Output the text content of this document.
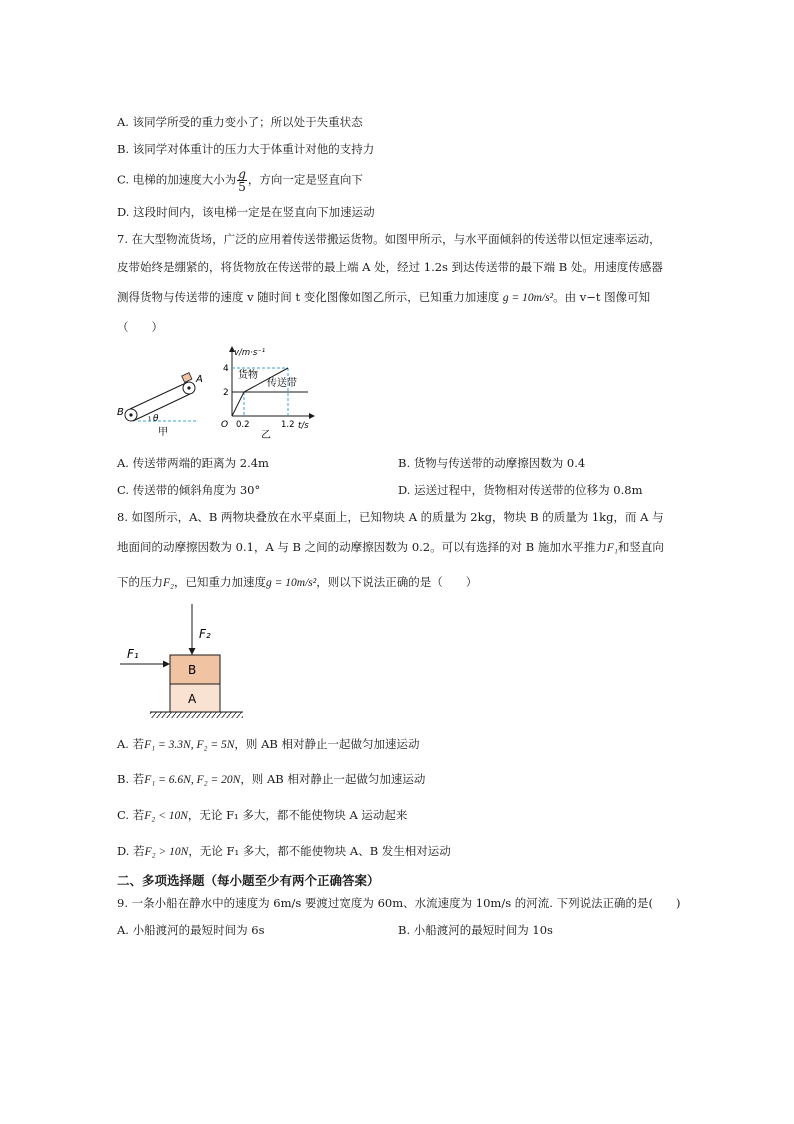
A. 该同学所受的重力变小了；所以处于失重状态
B. 该同学对体重计的压力大于体重计对他的支持力
C. 电梯的加速度大小为 $\frac{g}{5}$ ，方向一定是竖直向下
D. 这段时间内，该电梯一定是在竖直向下加速运动
7. 在大型物流货场，广泛的应用着传送带搬运货物。如图甲所示，与水平面倾斜的传送带以恒定速率运动，
皮带始终是绷紧的，将货物放在传送带的最上端 A 处，经过 1.2s 到达传送带的最下端 B 处。用速度传感器
测得货物与传送带的速度 v 随时间 t 变化图像如图乙所示，已知重力加速度 g = 10m/s²。由 v−t 图像可知
（　　）
A
B
θ
甲
v/m·s⁻¹
t/s
O
4
2
0.2	1.2
货物
传送带
乙
A. 传送带两端的距离为 2.4m	B. 货物与传送带的动摩擦因数为 0.4
C. 传送带的倾斜角度为 30°	D. 运送过程中，货物相对传送带的位移为 0.8m
8. 如图所示，A、B 两物块叠放在水平桌面上，已知物块 A 的质量为 2kg，物块 B 的质量为 1kg，而 A 与
地面间的动摩擦因数为 0.1，A 与 B 之间的动摩擦因数为 0.2。可以有选择的对 B 施加水平推力F₁和竖直向
下的压力F₂，已知重力加速度g = 10m/s²，则以下说法正确的是（　　）
F₁
F₂
B
A
A. 若F₁ = 3.3N, F₂ = 5N，则 AB 相对静止一起做匀加速运动
B. 若F₁ = 6.6N, F₂ = 20N，则 AB 相对静止一起做匀加速运动
C. 若F₂ < 10N，无论 F₁ 多大，都不能使物块 A 运动起来
D. 若F₂ > 10N，无论 F₁ 多大，都不能使物块 A、B 发生相对运动
二、多项选择题（每小题至少有两个正确答案）
9. 一条小船在静水中的速度为 6m/s 要渡过宽度为 60m、水流速度为 10m/s 的河流. 下列说法正确的是(　　)
A. 小船渡河的最短时间为 6s	B. 小船渡河的最短时间为 10s
